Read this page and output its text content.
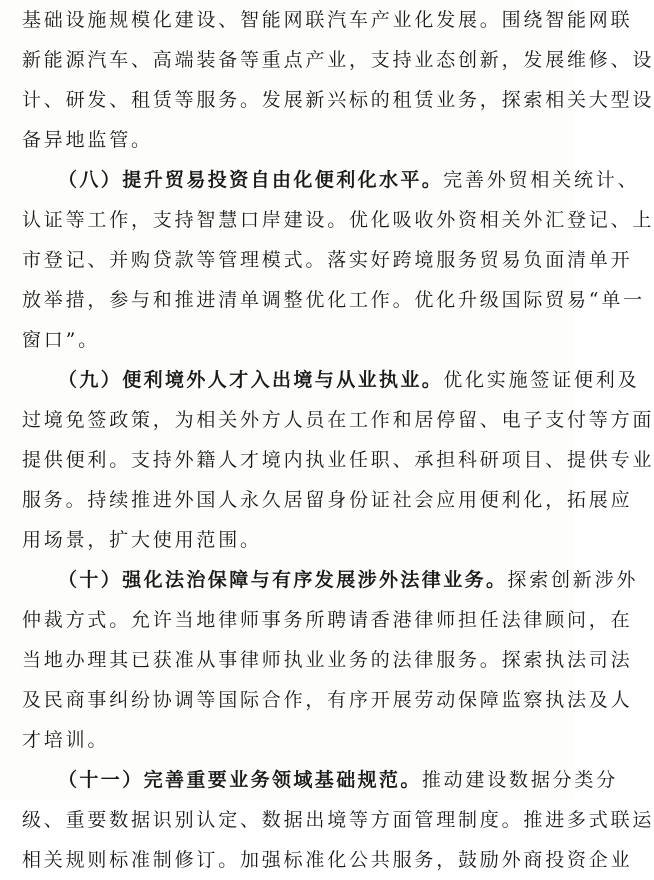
基础设施规模化建设、智能网联汽车产业化发展。围绕智能网联
新能源汽车、高端装备等重点产业，支持业态创新，发展维修、设
计、研发、租赁等服务。发展新兴标的租赁业务，探索相关大型设
备异地监管。
（八）提升贸易投资自由化便利化水平。完善外贸相关统计、
认证等工作，支持智慧口岸建设。优化吸收外资相关外汇登记、上
市登记、并购贷款等管理模式。落实好跨境服务贸易负面清单开
放举措，参与和推进清单调整优化工作。优化升级国际贸易“单一
窗口”。
（九）便利境外人才入出境与从业执业。优化实施签证便利及
过境免签政策，为相关外方人员在工作和居停留、电子支付等方面
提供便利。支持外籍人才境内执业任职、承担科研项目、提供专业
服务。持续推进外国人永久居留身份证社会应用便利化，拓展应
用场景，扩大使用范围。
（十）强化法治保障与有序发展涉外法律业务。探索创新涉外
仲裁方式。允许当地律师事务所聘请香港律师担任法律顾问，在
当地办理其已获准从事律师执业业务的法律服务。探索执法司法
及民商事纠纷协调等国际合作，有序开展劳动保障监察执法及人
才培训。
（十一）完善重要业务领域基础规范。推动建设数据分类分
级、重要数据识别认定、数据出境等方面管理制度。推进多式联运
相关规则标准制修订。加强标准化公共服务，鼓励外商投资企业
